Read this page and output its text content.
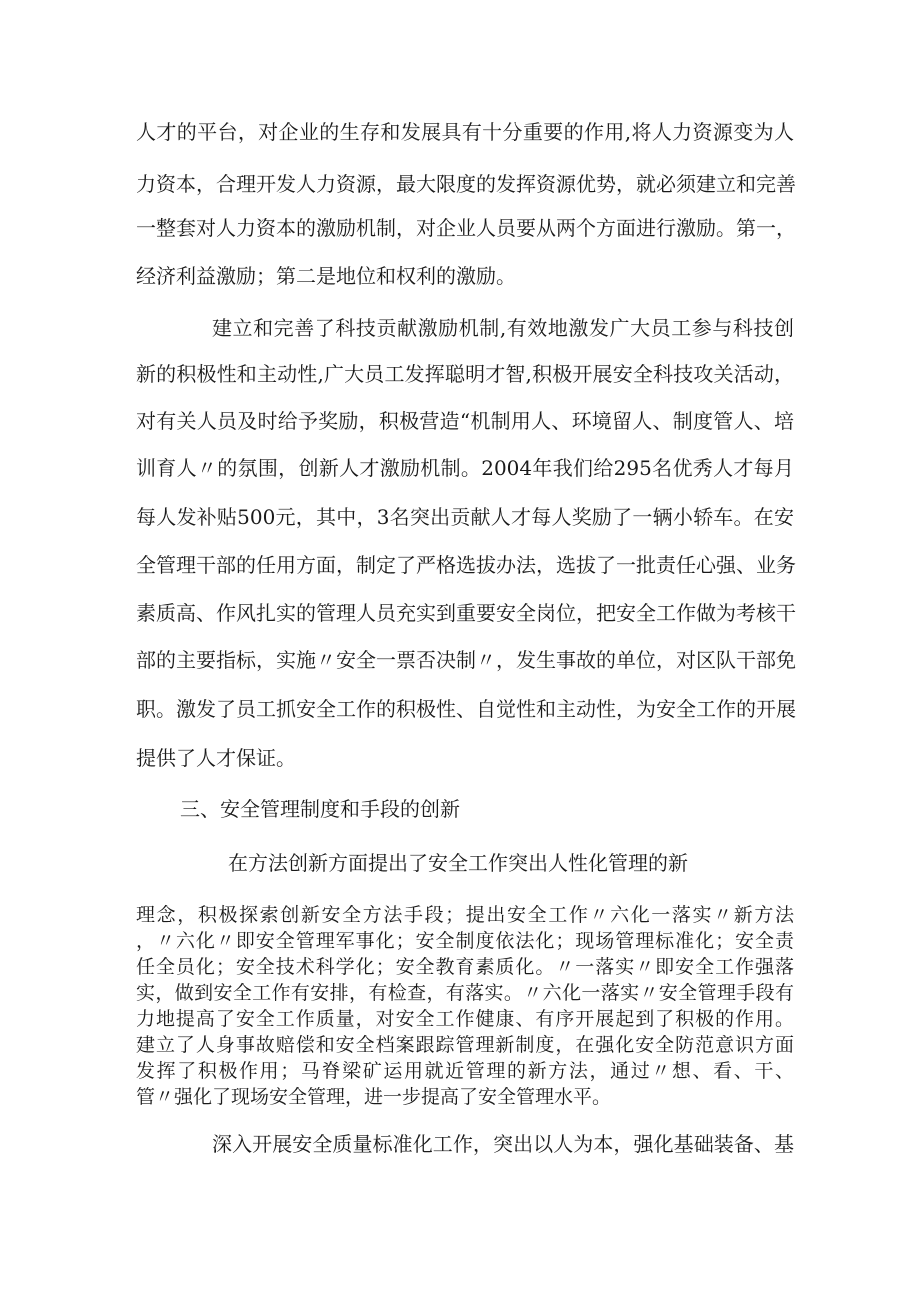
人才的平台，对企业的生存和发展具有十分重要的作用,将人力资源变为人
力资本，合理开发人力资源，最大限度的发挥资源优势，就必须建立和完善
一整套对人力资本的激励机制，对企业人员要从两个方面进行激励。第一，
经济利益激励；第二是地位和权利的激励。
建立和完善了科技贡献激励机制,有效地激发广大员工参与科技创
新的积极性和主动性,广大员工发挥聪明才智,积极开展安全科技攻关活动，
对有关人员及时给予奖励，积极营造“机制用人、环境留人、制度管人、培
训育人〃的氛围，创新人才激励机制。2004年我们给295名优秀人才每月
每人发补贴500元，其中，3名突出贡献人才每人奖励了一辆小轿车。在安
全管理干部的任用方面，制定了严格选拔办法，选拔了一批责任心强、业务
素质高、作风扎实的管理人员充实到重要安全岗位，把安全工作做为考核干
部的主要指标，实施〃安全一票否决制〃，发生事故的单位，对区队干部免
职。激发了员工抓安全工作的积极性、自觉性和主动性，为安全工作的开展
提供了人才保证。
三、安全管理制度和手段的创新
在方法创新方面提出了安全工作突出人性化管理的新
理念，积极探索创新安全方法手段；提出安全工作〃六化一落实〃新方法
，〃六化〃即安全管理军事化；安全制度依法化；现场管理标准化；安全责
任全员化；安全技术科学化；安全教育素质化。〃一落实〃即安全工作强落
实，做到安全工作有安排，有检查，有落实。〃六化一落实〃安全管理手段有
力地提高了安全工作质量，对安全工作健康、有序开展起到了积极的作用。
建立了人身事故赔偿和安全档案跟踪管理新制度，在强化安全防范意识方面
发挥了积极作用；马脊梁矿运用就近管理的新方法，通过〃想、看、干、
管〃强化了现场安全管理，进一步提高了安全管理水平。
深入开展安全质量标准化工作，突出以人为本，强化基础装备、基
